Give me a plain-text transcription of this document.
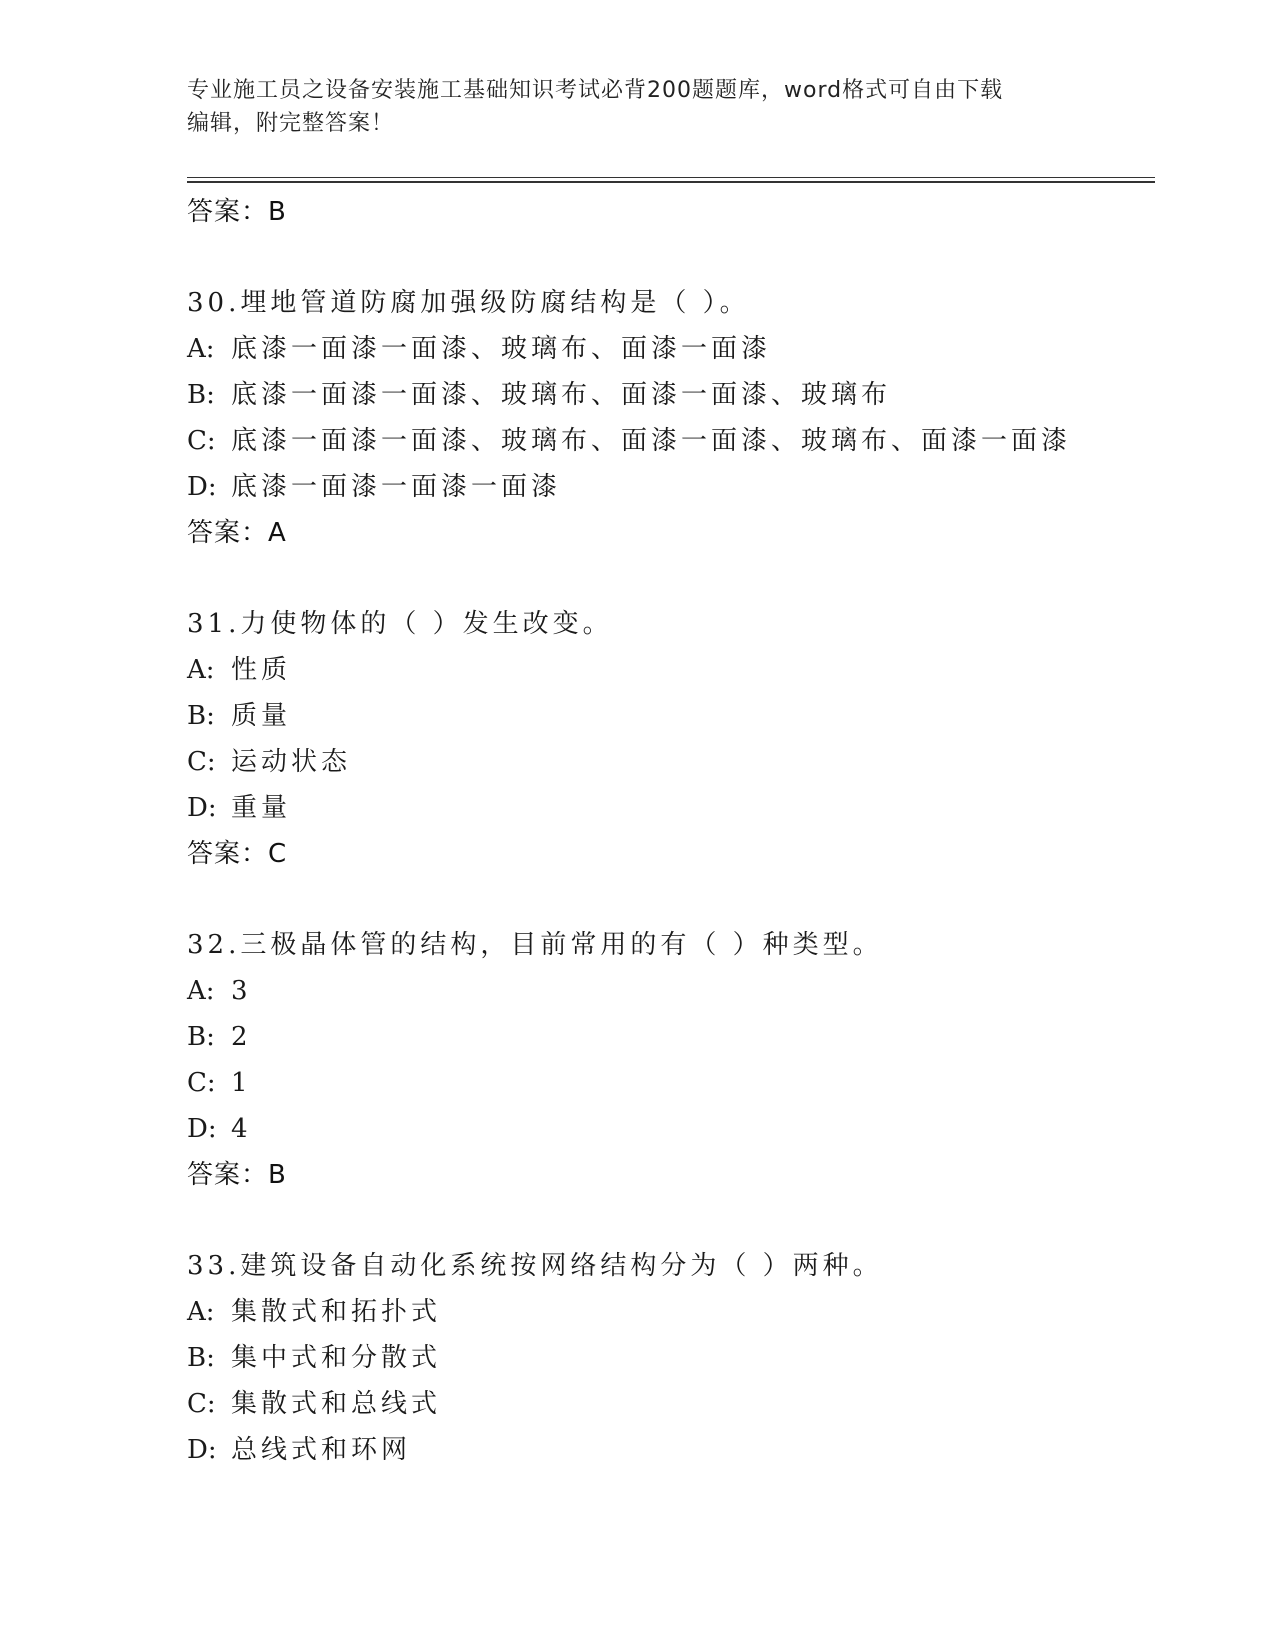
专业施工员之设备安装施工基础知识考试必背200题题库，word格式可自由下载
编辑，附完整答案！
答案：B
30.埋地管道防腐加强级防腐结构是（ ）。
A: 底漆一面漆一面漆、玻璃布、面漆一面漆
B: 底漆一面漆一面漆、玻璃布、面漆一面漆、玻璃布
C: 底漆一面漆一面漆、玻璃布、面漆一面漆、玻璃布、面漆一面漆
D: 底漆一面漆一面漆一面漆
答案：A
31.力使物体的（ ）发生改变。
A: 性质
B: 质量
C: 运动状态
D: 重量
答案：C
32.三极晶体管的结构，目前常用的有（ ）种类型。
A: 3
B: 2
C: 1
D: 4
答案：B
33.建筑设备自动化系统按网络结构分为（ ）两种。
A: 集散式和拓扑式
B: 集中式和分散式
C: 集散式和总线式
D: 总线式和环网
